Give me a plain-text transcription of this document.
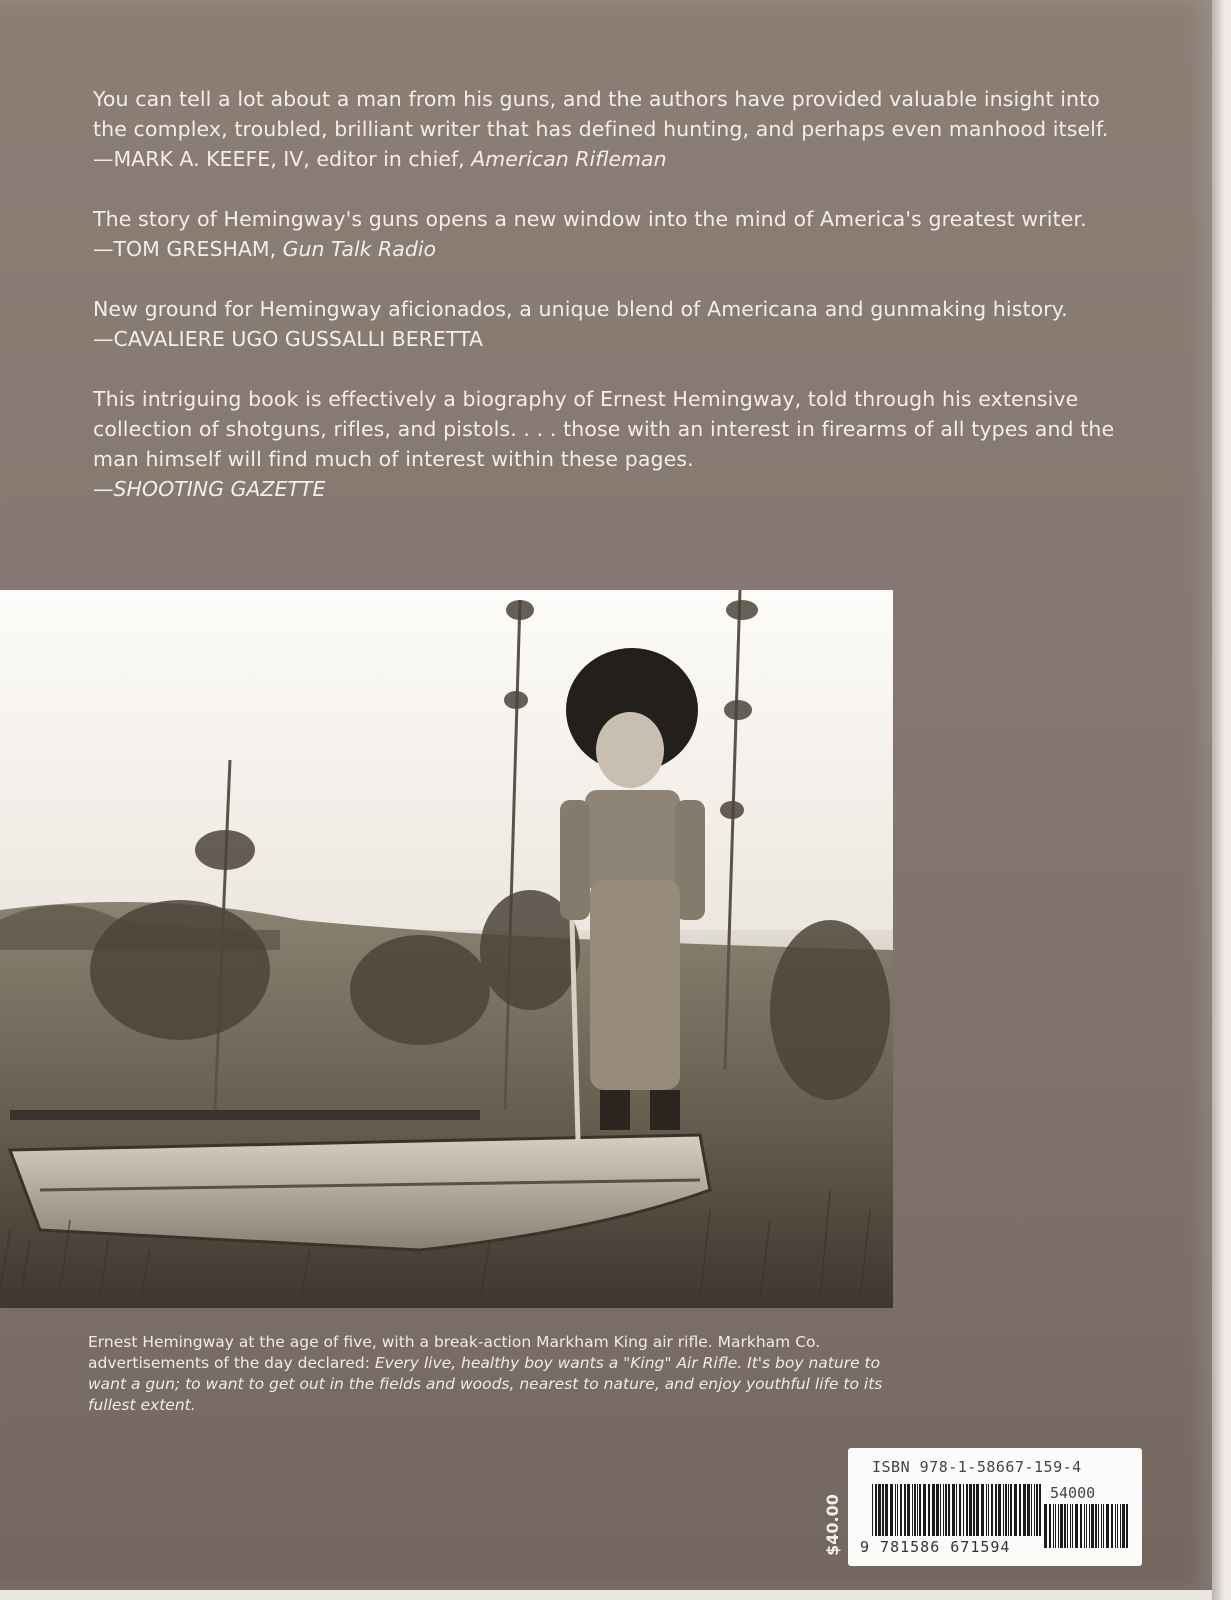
You can tell a lot about a man from his guns, and the authors have provided valuable insight into the complex, troubled, brilliant writer that has defined hunting, and perhaps even manhood itself.

—MARK A. KEEFE, IV, editor in chief, American Rifleman

The story of Hemingway's guns opens a new window into the mind of America's greatest writer.

—TOM GRESHAM, Gun Talk Radio

New ground for Hemingway aficionados, a unique blend of Americana and gunmaking history.

—CAVALIERE UGO GUSSALLI BERETTA

This intriguing book is effectively a biography of Ernest Hemingway, told through his extensive collection of shotguns, rifles, and pistols. . . . those with an interest in firearms of all types and the man himself will find much of interest within these pages.

—SHOOTING GAZETTE
Ernest Hemingway at the age of five, with a break-action Markham King air rifle. Markham Co. advertisements of the day declared: Every live, healthy boy wants a "King" Air Rifle. It's boy nature to want a gun; to want to get out in the fields and woods, nearest to nature, and enjoy youthful life to its fullest extent.
$40.00
ISBN 978-1-58667-159-4
54000
9 781586 671594
